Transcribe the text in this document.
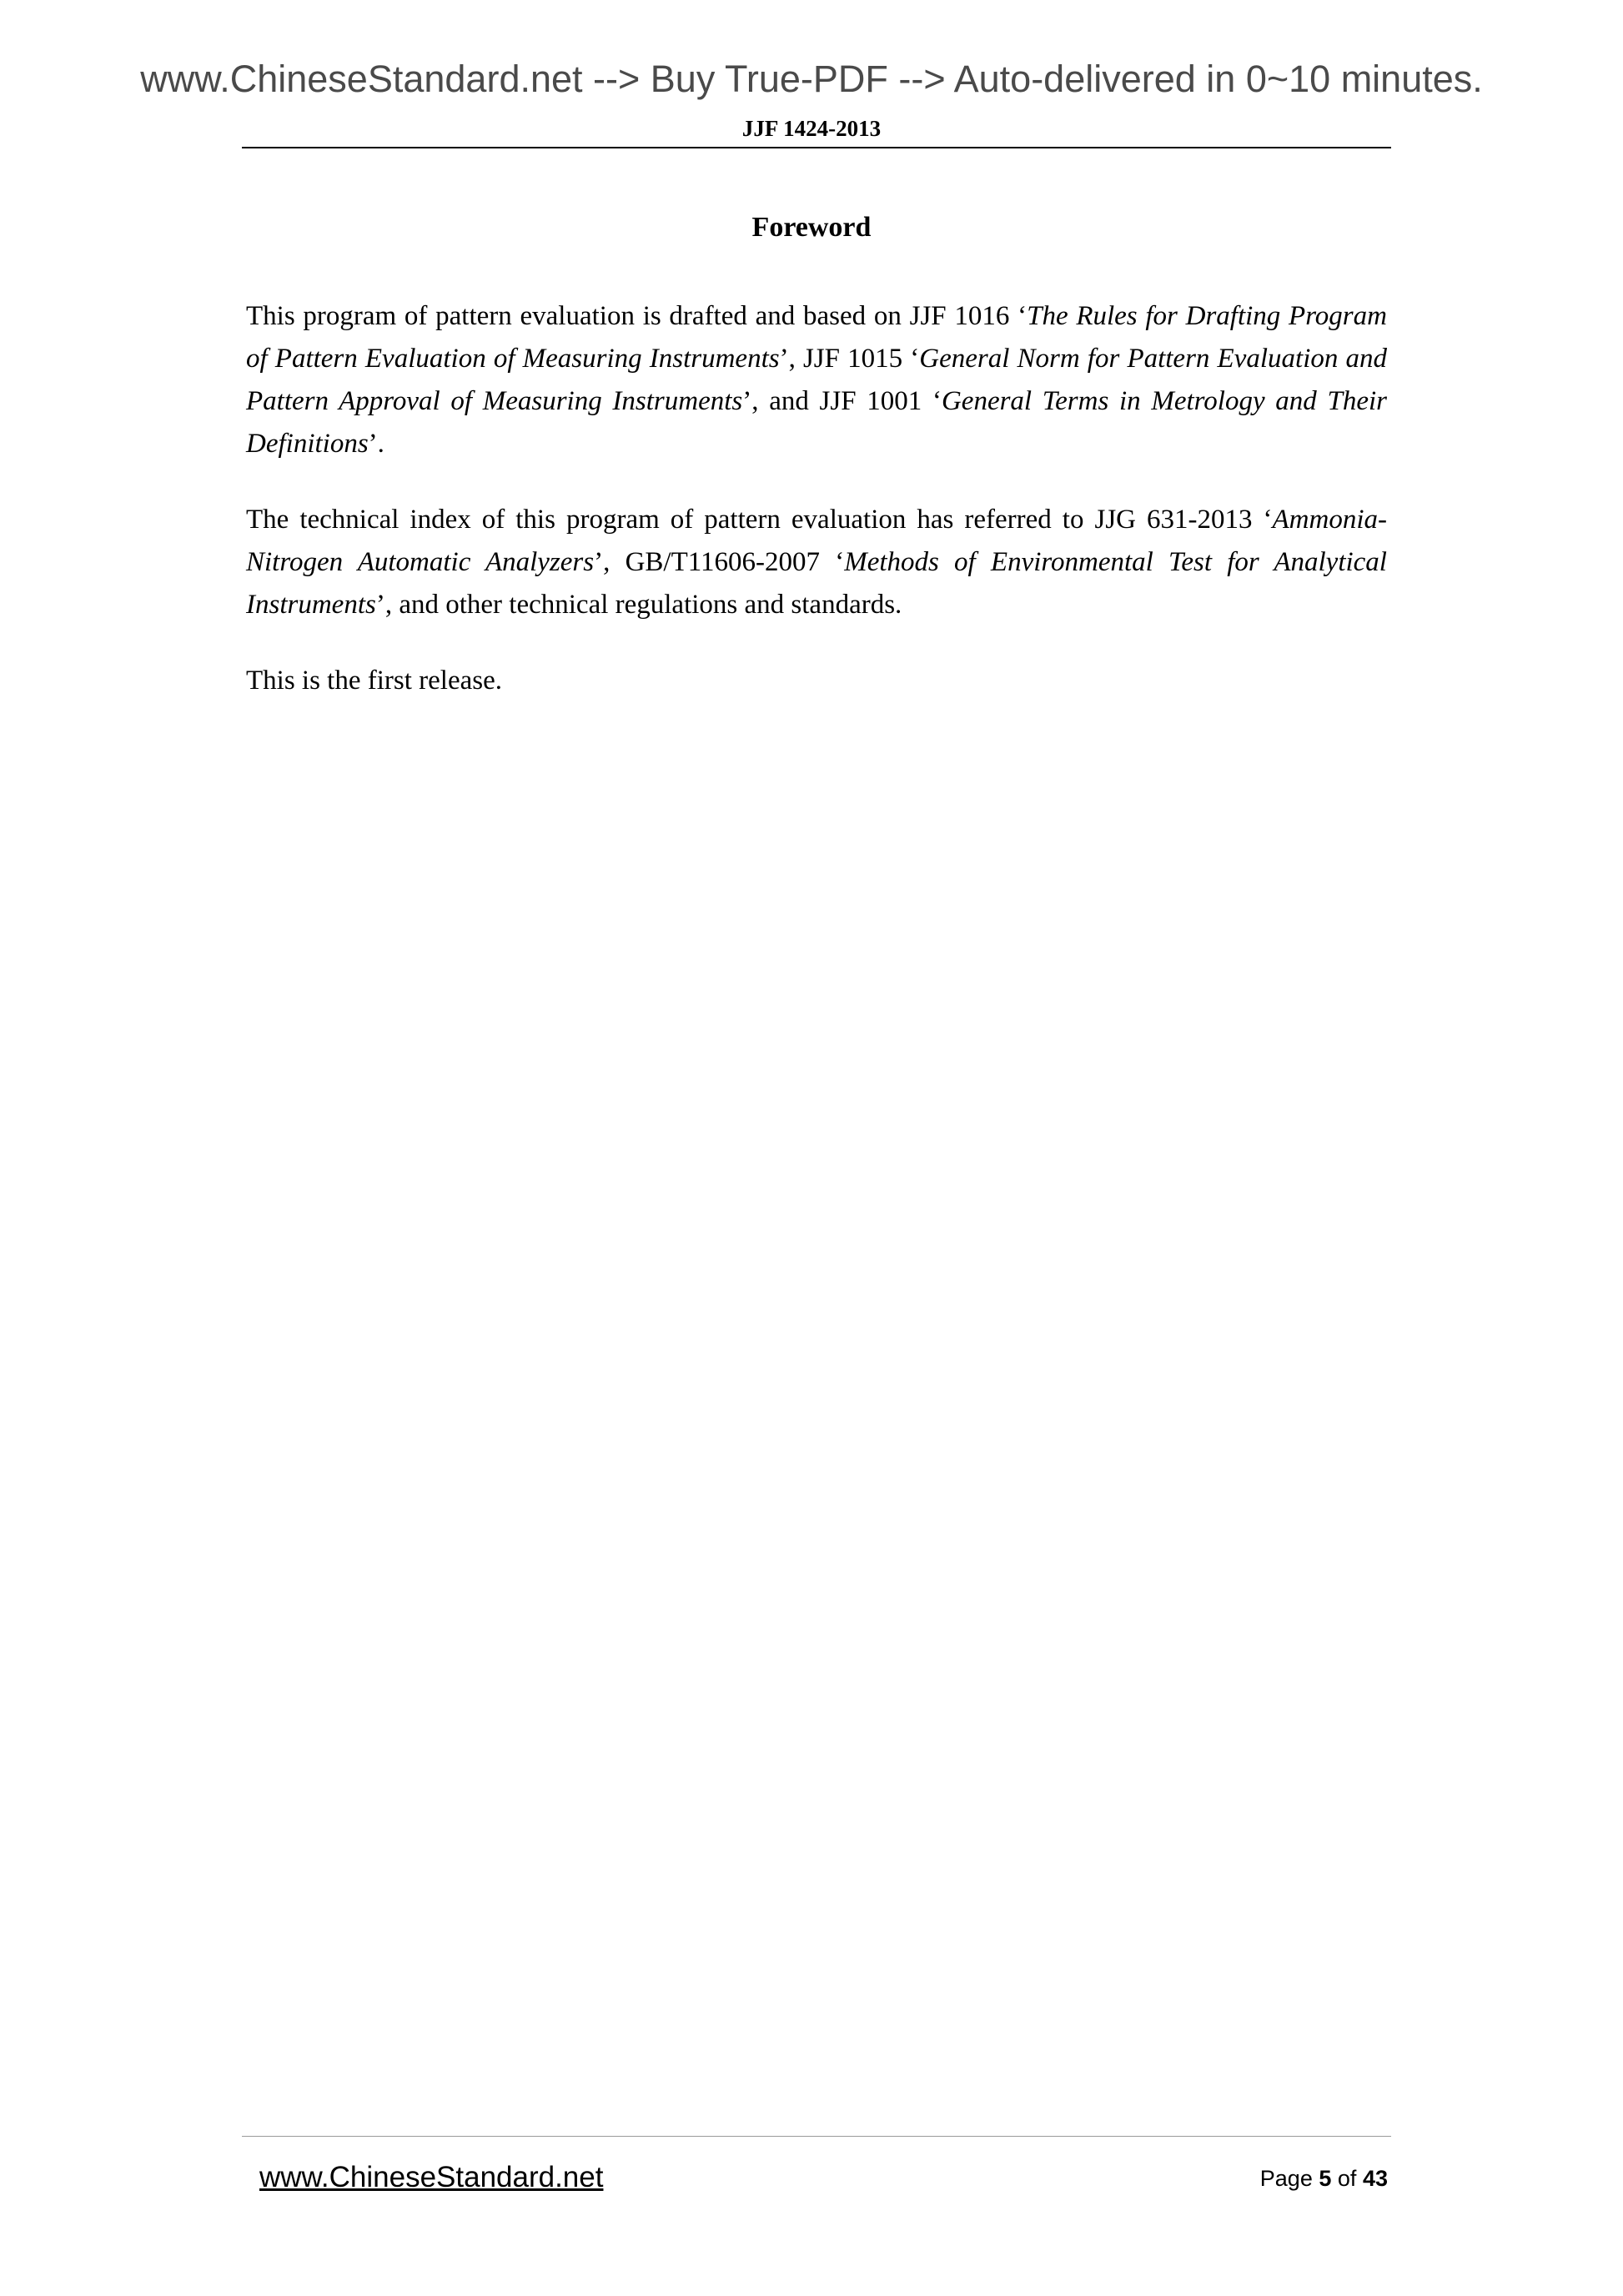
www.ChineseStandard.net --> Buy True-PDF --> Auto-delivered in 0~10 minutes.
JJF 1424-2013
Foreword

This program of pattern evaluation is drafted and based on JJF 1016 ‘The Rules for Drafting Program of Pattern Evaluation of Measuring Instruments’, JJF 1015 ‘General Norm for Pattern Evaluation and Pattern Approval of Measuring Instruments’, and JJF 1001 ‘General Terms in Metrology and Their Definitions’.

The technical index of this program of pattern evaluation has referred to JJG 631-2013 ‘Ammonia-Nitrogen Automatic Analyzers’, GB/T11606-2007 ‘Methods of Environmental Test for Analytical Instruments’, and other technical regulations and standards.

This is the first release.

www.ChineseStandard.net	Page 5 of 43
